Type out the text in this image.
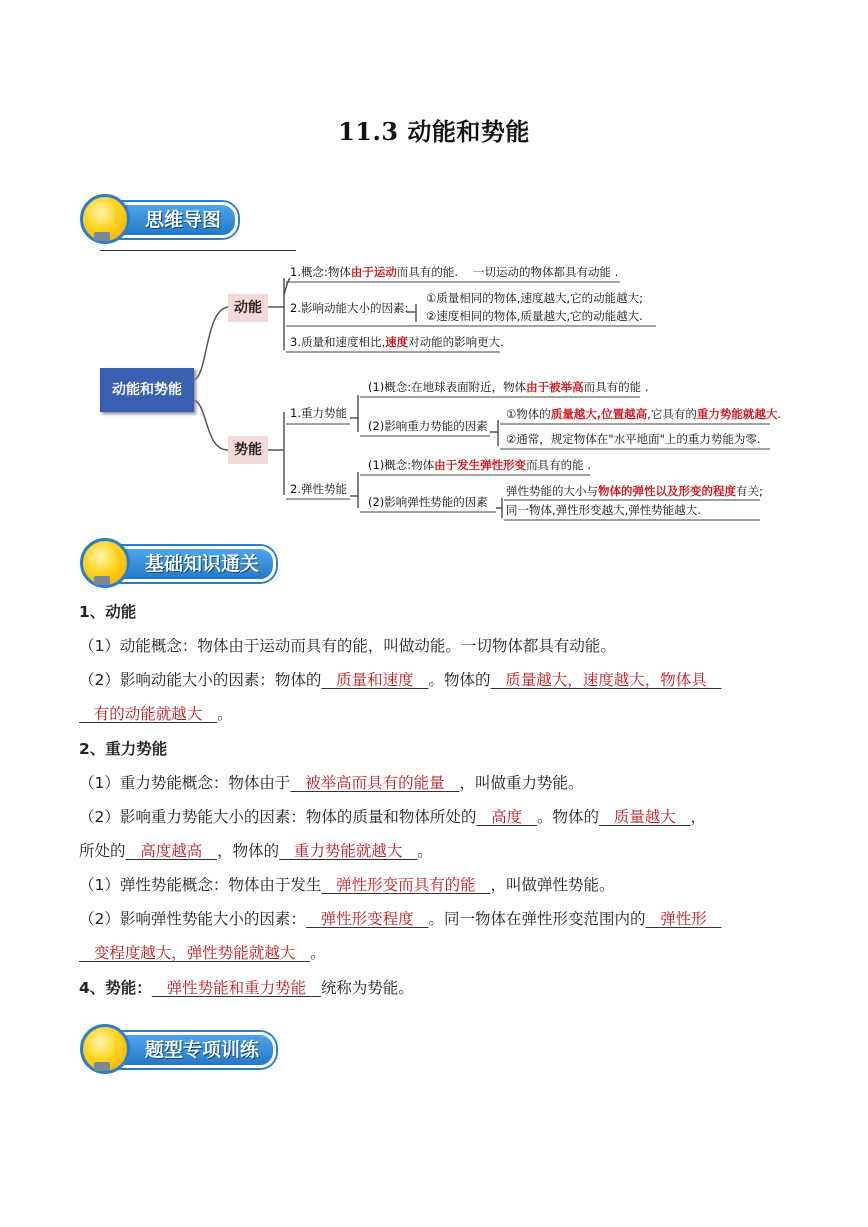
11.3 动能和势能
思维导图
动能和势能
动能
势能
1.概念:物体由于运动而具有的能. 一切运动的物体都具有动能 .
2.影响动能大小的因素:
①质量相同的物体,速度越大,它的动能越大;
②速度相同的物体,质量越大,它的动能越大.
3.质量和速度相比,速度对动能的影响更大.
1.重力势能
(1)概念:在地球表面附近，物体由于被举高而具有的能 .
(2)影响重力势能的因素
①物体的质量越大,位置越高,它具有的重力势能就越大.
②通常，规定物体在"水平地面"上的重力势能为零.
2.弹性势能
(1)概念:物体由于发生弹性形变而具有的能 .
(2)影响弹性势能的因素
弹性势能的大小与物体的弹性以及形变的程度有关;
同一物体,弹性形变越大,弹性势能越大.
基础知识通关
1、动能
（1）动能概念：物体由于运动而具有的能，叫做动能。一切物体都具有动能。
（2）影响动能大小的因素：物体的 质量和速度 。物体的 质量越大，速度越大，物体具
有的动能就越大 。
2、重力势能
（1）重力势能概念：物体由于 被举高而具有的能量 ，叫做重力势能。
（2）影响重力势能大小的因素：物体的质量和物体所处的 高度 。物体的 质量越大 ，
所处的 高度越高 ，物体的 重力势能就越大 。
（1）弹性势能概念：物体由于发生 弹性形变而具有的能 ，叫做弹性势能。
（2）影响弹性势能大小的因素： 弹性形变程度 。同一物体在弹性形变范围内的 弹性形
变程度越大，弹性势能就越大 。
4、势能： 弹性势能和重力势能 统称为势能。
题型专项训练
